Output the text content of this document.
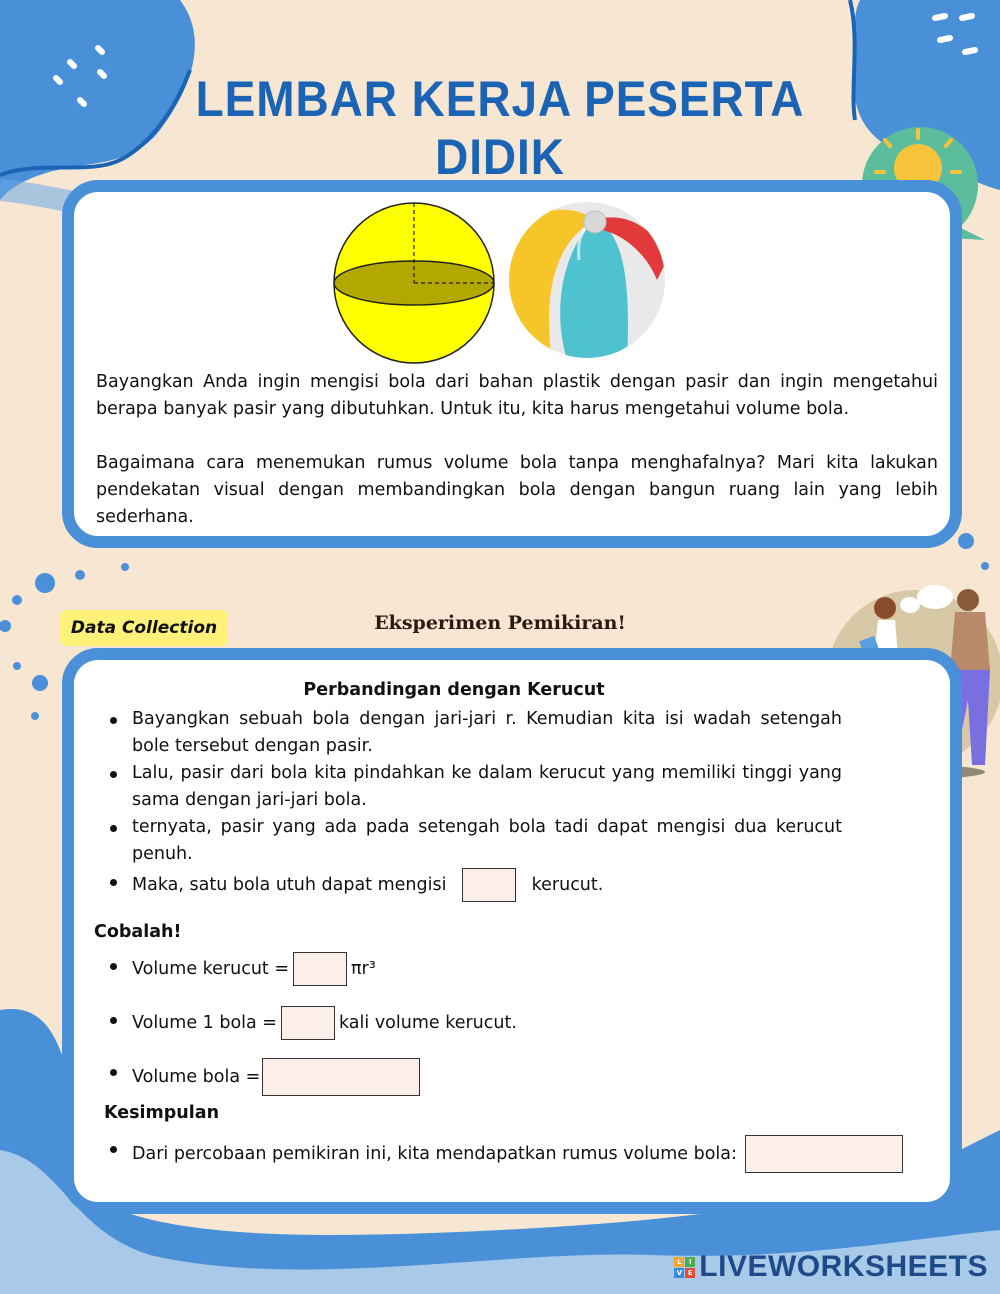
LEMBAR KERJA PESERTA DIDIK

Bayangkan Anda ingin mengisi bola dari bahan plastik dengan pasir dan ingin mengetahui berapa banyak pasir yang dibutuhkan. Untuk itu, kita harus mengetahui volume bola.

Bagaimana cara menemukan rumus volume bola tanpa menghafalnya? Mari kita lakukan pendekatan visual dengan membandingkan bola dengan bangun ruang lain yang lebih sederhana.

Data Collection	Eksperimen Pemikiran!

Perbandingan dengan Kerucut

Bayangkan sebuah bola dengan jari-jari r. Kemudian kita isi wadah setengah bole tersebut dengan pasir.
Lalu, pasir dari bola kita pindahkan ke dalam kerucut yang memiliki tinggi yang sama dengan jari-jari bola.
ternyata, pasir yang ada pada setengah bola tadi dapat mengisi dua kerucut penuh.
Maka, satu bola utuh dapat mengisi	kerucut.
Cobalah!
Volume kerucut =	πr³
Volume 1 bola =	kali volume kerucut.
Volume bola =
Kesimpulan
Dari percobaan pemikiran ini, kita mendapatkan rumus volume bola:
L	I
V E LIVEWORKSHEETS
